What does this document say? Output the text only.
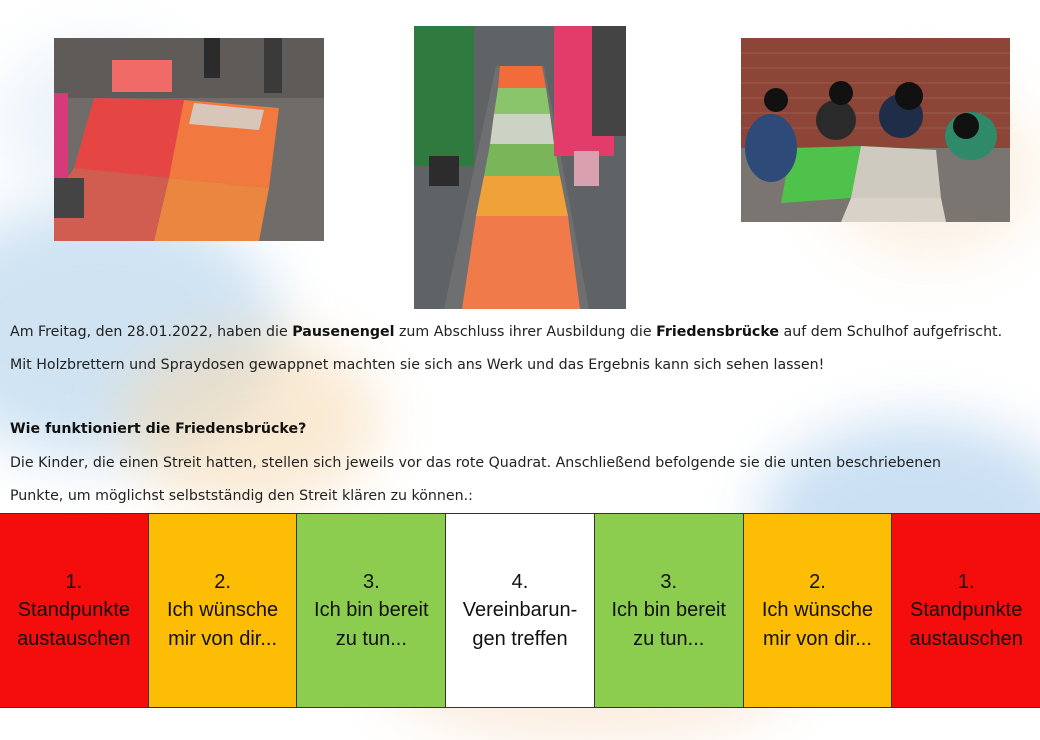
Am Freitag, den 28.01.2022, haben die Pausenengel zum Abschluss ihrer Ausbildung die Friedensbrücke auf dem Schulhof aufgefrischt.
Mit Holzbrettern und Spraydosen gewappnet machten sie sich ans Werk und das Ergebnis kann sich sehen lassen!
Wie funktioniert die Friedensbrücke?
Die Kinder, die einen Streit hatten, stellen sich jeweils vor das rote Quadrat. Anschließend befolgende sie die unten beschriebenen
Punkte, um möglichst selbstständig den Streit klären zu können.:
1.
Standpunkte
austauschen
2.
Ich wünsche
mir von dir...
3.
Ich bin bereit
zu tun...
4.
Vereinbarun-
gen treffen
3.
Ich bin bereit
zu tun...
2.
Ich wünsche
mir von dir...
1.
Standpunkte
austauschen
